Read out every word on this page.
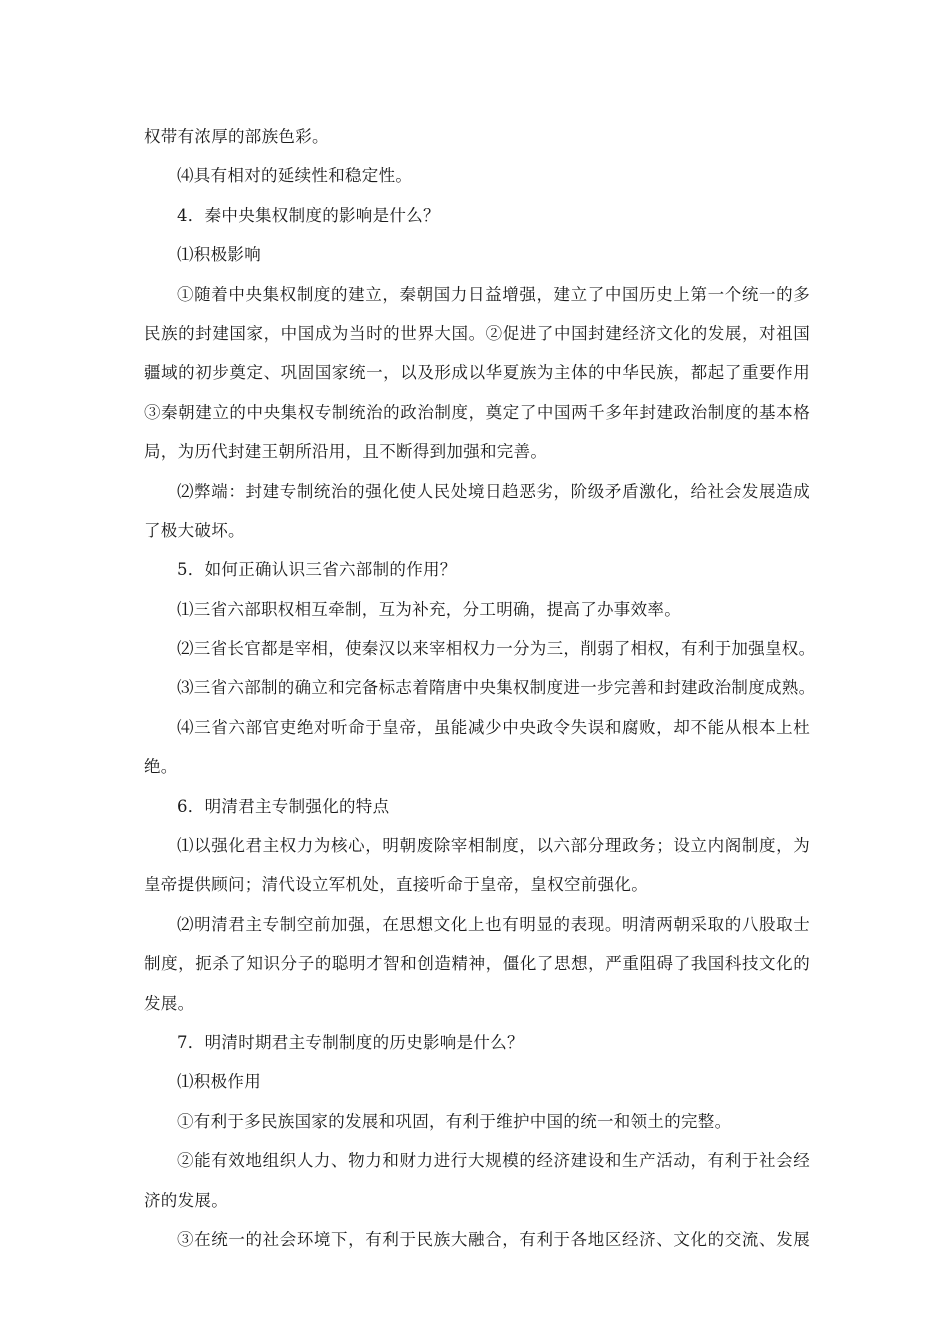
权带有浓厚的部族色彩。
⑷具有相对的延续性和稳定性。
4．秦中央集权制度的影响是什么？
⑴积极影响
①随着中央集权制度的建立，秦朝国力日益增强，建立了中国历史上第一个统一的多
民族的封建国家，中国成为当时的世界大国。②促进了中国封建经济文化的发展，对祖国
疆域的初步奠定、巩固国家统一，以及形成以华夏族为主体的中华民族，都起了重要作用
③秦朝建立的中央集权专制统治的政治制度，奠定了中国两千多年封建政治制度的基本格
局，为历代封建王朝所沿用，且不断得到加强和完善。
⑵弊端：封建专制统治的强化使人民处境日趋恶劣，阶级矛盾激化，给社会发展造成
了极大破坏。
5．如何正确认识三省六部制的作用？
⑴三省六部职权相互牵制，互为补充，分工明确，提高了办事效率。
⑵三省长官都是宰相，使秦汉以来宰相权力一分为三，削弱了相权，有利于加强皇权。
⑶三省六部制的确立和完备标志着隋唐中央集权制度进一步完善和封建政治制度成熟。
⑷三省六部官吏绝对听命于皇帝，虽能减少中央政令失误和腐败，却不能从根本上杜
绝。
6．明清君主专制强化的特点
⑴以强化君主权力为核心，明朝废除宰相制度，以六部分理政务；设立内阁制度，为
皇帝提供顾问；清代设立军机处，直接听命于皇帝，皇权空前强化。
⑵明清君主专制空前加强，在思想文化上也有明显的表现。明清两朝采取的八股取士
制度，扼杀了知识分子的聪明才智和创造精神，僵化了思想，严重阻碍了我国科技文化的
发展。
7．明清时期君主专制制度的历史影响是什么？
⑴积极作用
①有利于多民族国家的发展和巩固，有利于维护中国的统一和领土的完整。
②能有效地组织人力、物力和财力进行大规模的经济建设和生产活动，有利于社会经
济的发展。
③在统一的社会环境下，有利于民族大融合，有利于各地区经济、文化的交流、发展
